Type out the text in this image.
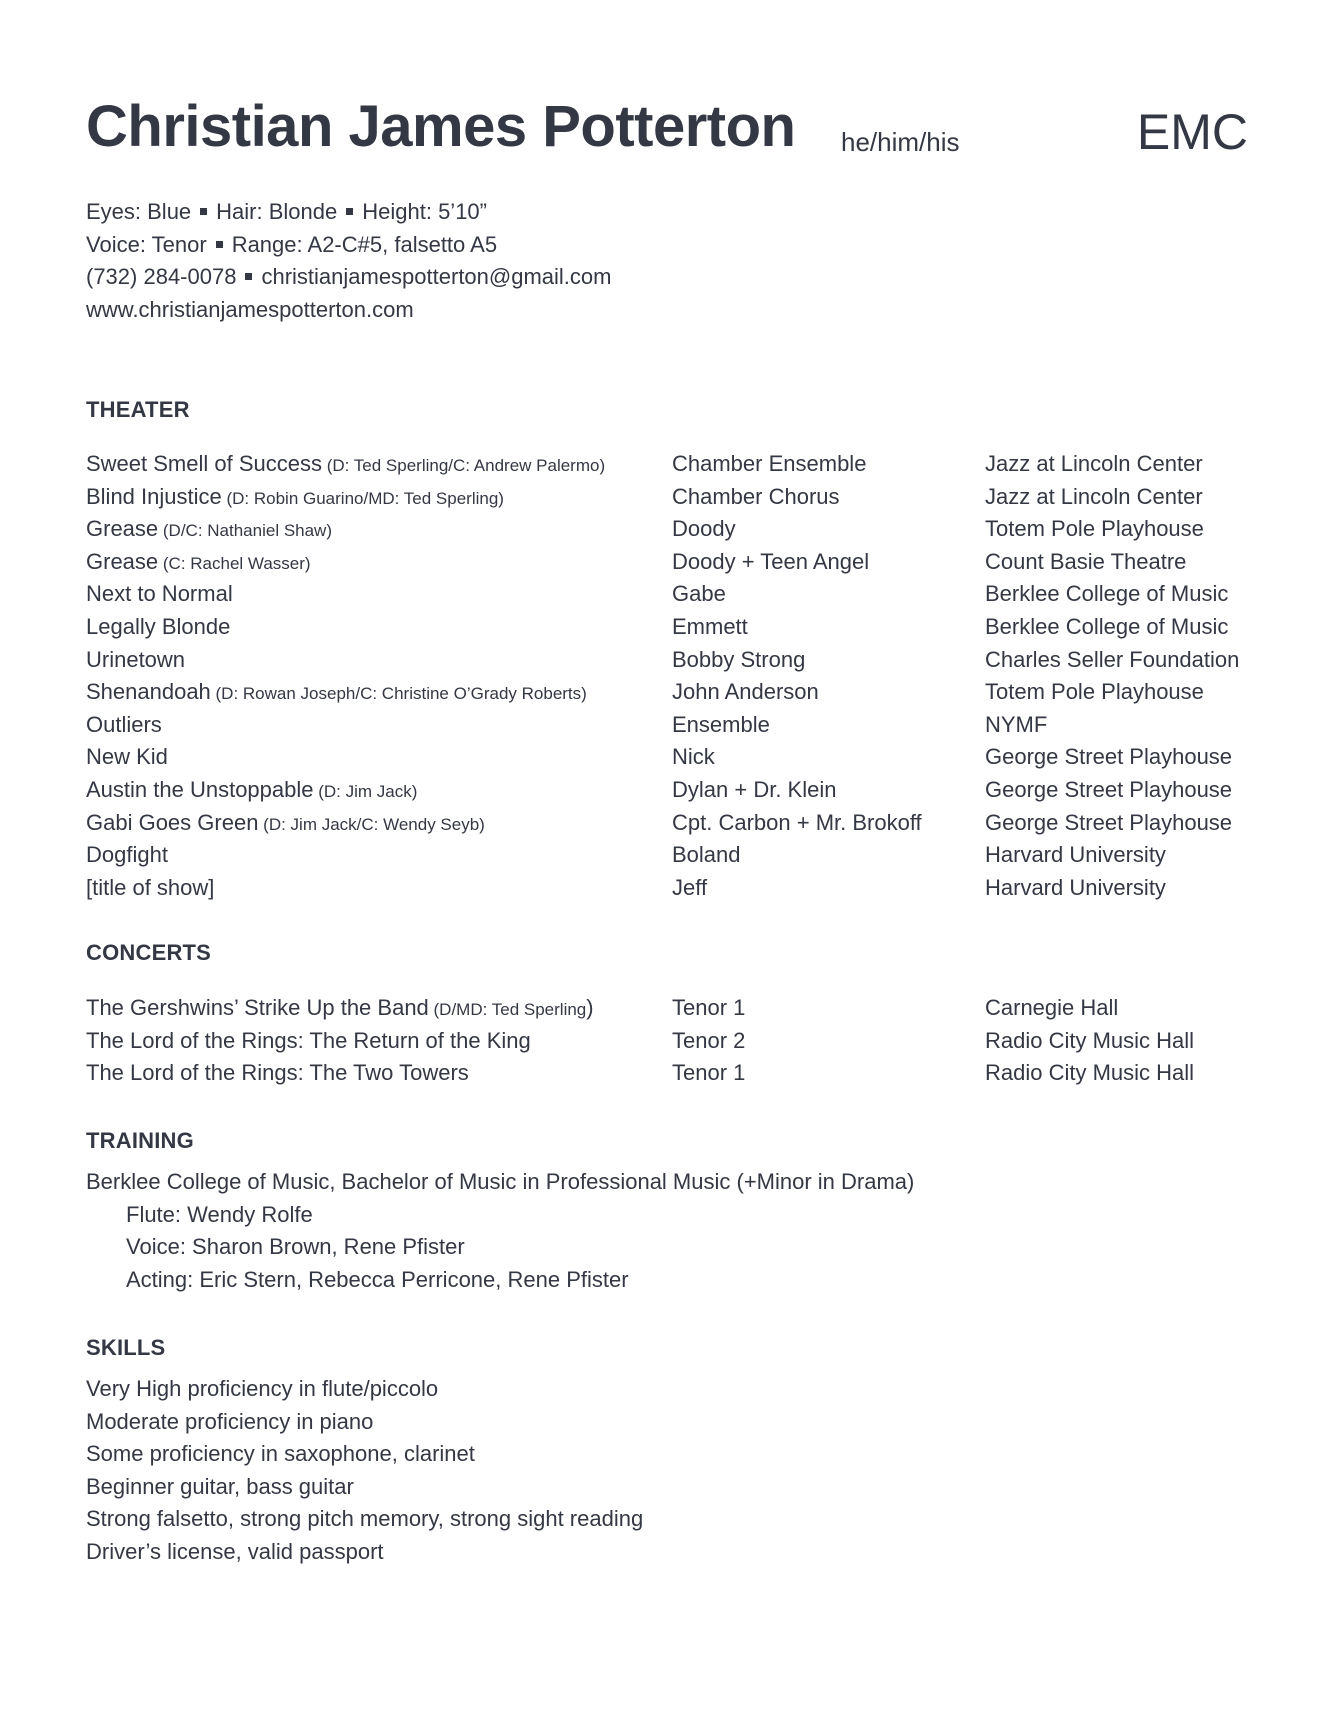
Christian James Potterton he/him/his	EMC
Eyes: Blue Hair: Blonde Height: 5’10”
Voice: Tenor Range: A2-C#5, falsetto A5
(732) 284-0078 christianjamespotterton@gmail.com
www.christianjamespotterton.com
THEATER
Sweet Smell of Success (D: Ted Sperling/C: Andrew Palermo)	Chamber Ensemble	Jazz at Lincoln Center
Blind Injustice (D: Robin Guarino/MD: Ted Sperling)	Chamber Chorus	Jazz at Lincoln Center
Grease (D/C: Nathaniel Shaw)	Doody	Totem Pole Playhouse
Grease (C: Rachel Wasser)	Doody + Teen Angel	Count Basie Theatre
Next to Normal	Gabe	Berklee College of Music
Legally Blonde	Emmett	Berklee College of Music
Urinetown	Bobby Strong	Charles Seller Foundation
Shenandoah (D: Rowan Joseph/C: Christine O’Grady Roberts)	John Anderson	Totem Pole Playhouse
Outliers	Ensemble	NYMF
New Kid	Nick	George Street Playhouse
Austin the Unstoppable (D: Jim Jack)	Dylan + Dr. Klein	George Street Playhouse
Gabi Goes Green (D: Jim Jack/C: Wendy Seyb)	Cpt. Carbon + Mr. Brokoff	George Street Playhouse
Dogfight	Boland	Harvard University
[title of show]	Jeff	Harvard University
CONCERTS
The Gershwins’ Strike Up the Band (D/MD: Ted Sperling)	Tenor 1	Carnegie Hall
The Lord of the Rings: The Return of the King	Tenor 2	Radio City Music Hall
The Lord of the Rings: The Two Towers	Tenor 1	Radio City Music Hall
TRAINING
Berklee College of Music, Bachelor of Music in Professional Music (+Minor in Drama)
Flute: Wendy Rolfe
Voice: Sharon Brown, Rene Pfister
Acting: Eric Stern, Rebecca Perricone, Rene Pfister
SKILLS
Very High proficiency in flute/piccolo
Moderate proficiency in piano
Some proficiency in saxophone, clarinet
Beginner guitar, bass guitar
Strong falsetto, strong pitch memory, strong sight reading
Driver’s license, valid passport
